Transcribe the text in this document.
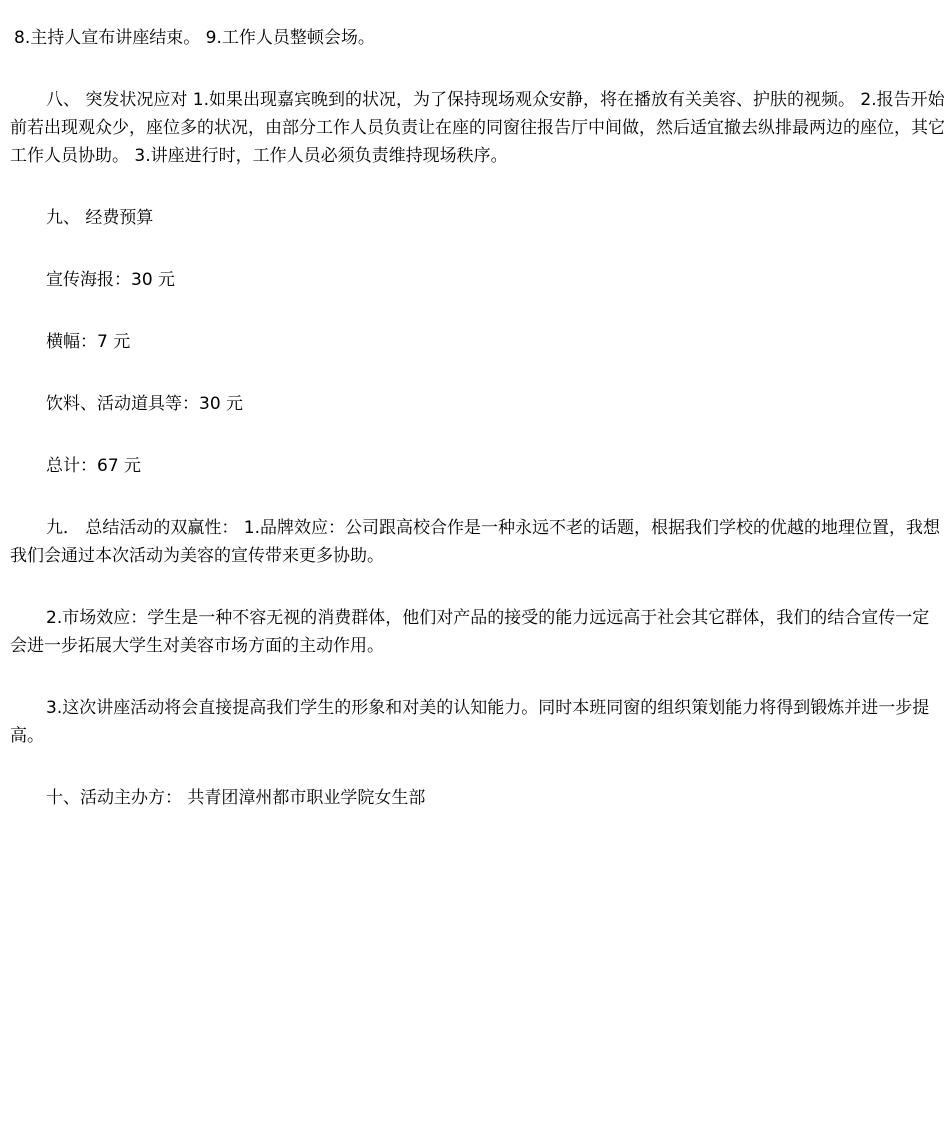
8.主持人宣布讲座结束。 9.工作人员整顿会场。

八、 突发状况应对 1.如果出现嘉宾晚到的状况，为了保持现场观众安静，将在播放有关美容、护肤的视频。 2.报告开始前若出现观众少，座位多的状况，由部分工作人员负责让在座的同窗往报告厅中间做，然后适宜撤去纵排最两边的座位，其它工作人员协助。 3.讲座进行时，工作人员必须负责维持现场秩序。

九、 经费预算

宣传海报：30 元

横幅：7 元

饮料、活动道具等：30 元

总计：67 元

九． 总结活动的双赢性： 1.品牌效应：公司跟高校合作是一种永远不老的话题，根据我们学校的优越的地理位置，我想我们会通过本次活动为美容的宣传带来更多协助。

2.市场效应：学生是一种不容无视的消费群体，他们对产品的接受的能力远远高于社会其它群体，我们的结合宣传一定会进一步拓展大学生对美容市场方面的主动作用。

3.这次讲座活动将会直接提高我们学生的形象和对美的认知能力。同时本班同窗的组织策划能力将得到锻炼并进一步提高。

十、活动主办方： 共青团漳州都市职业学院女生部
